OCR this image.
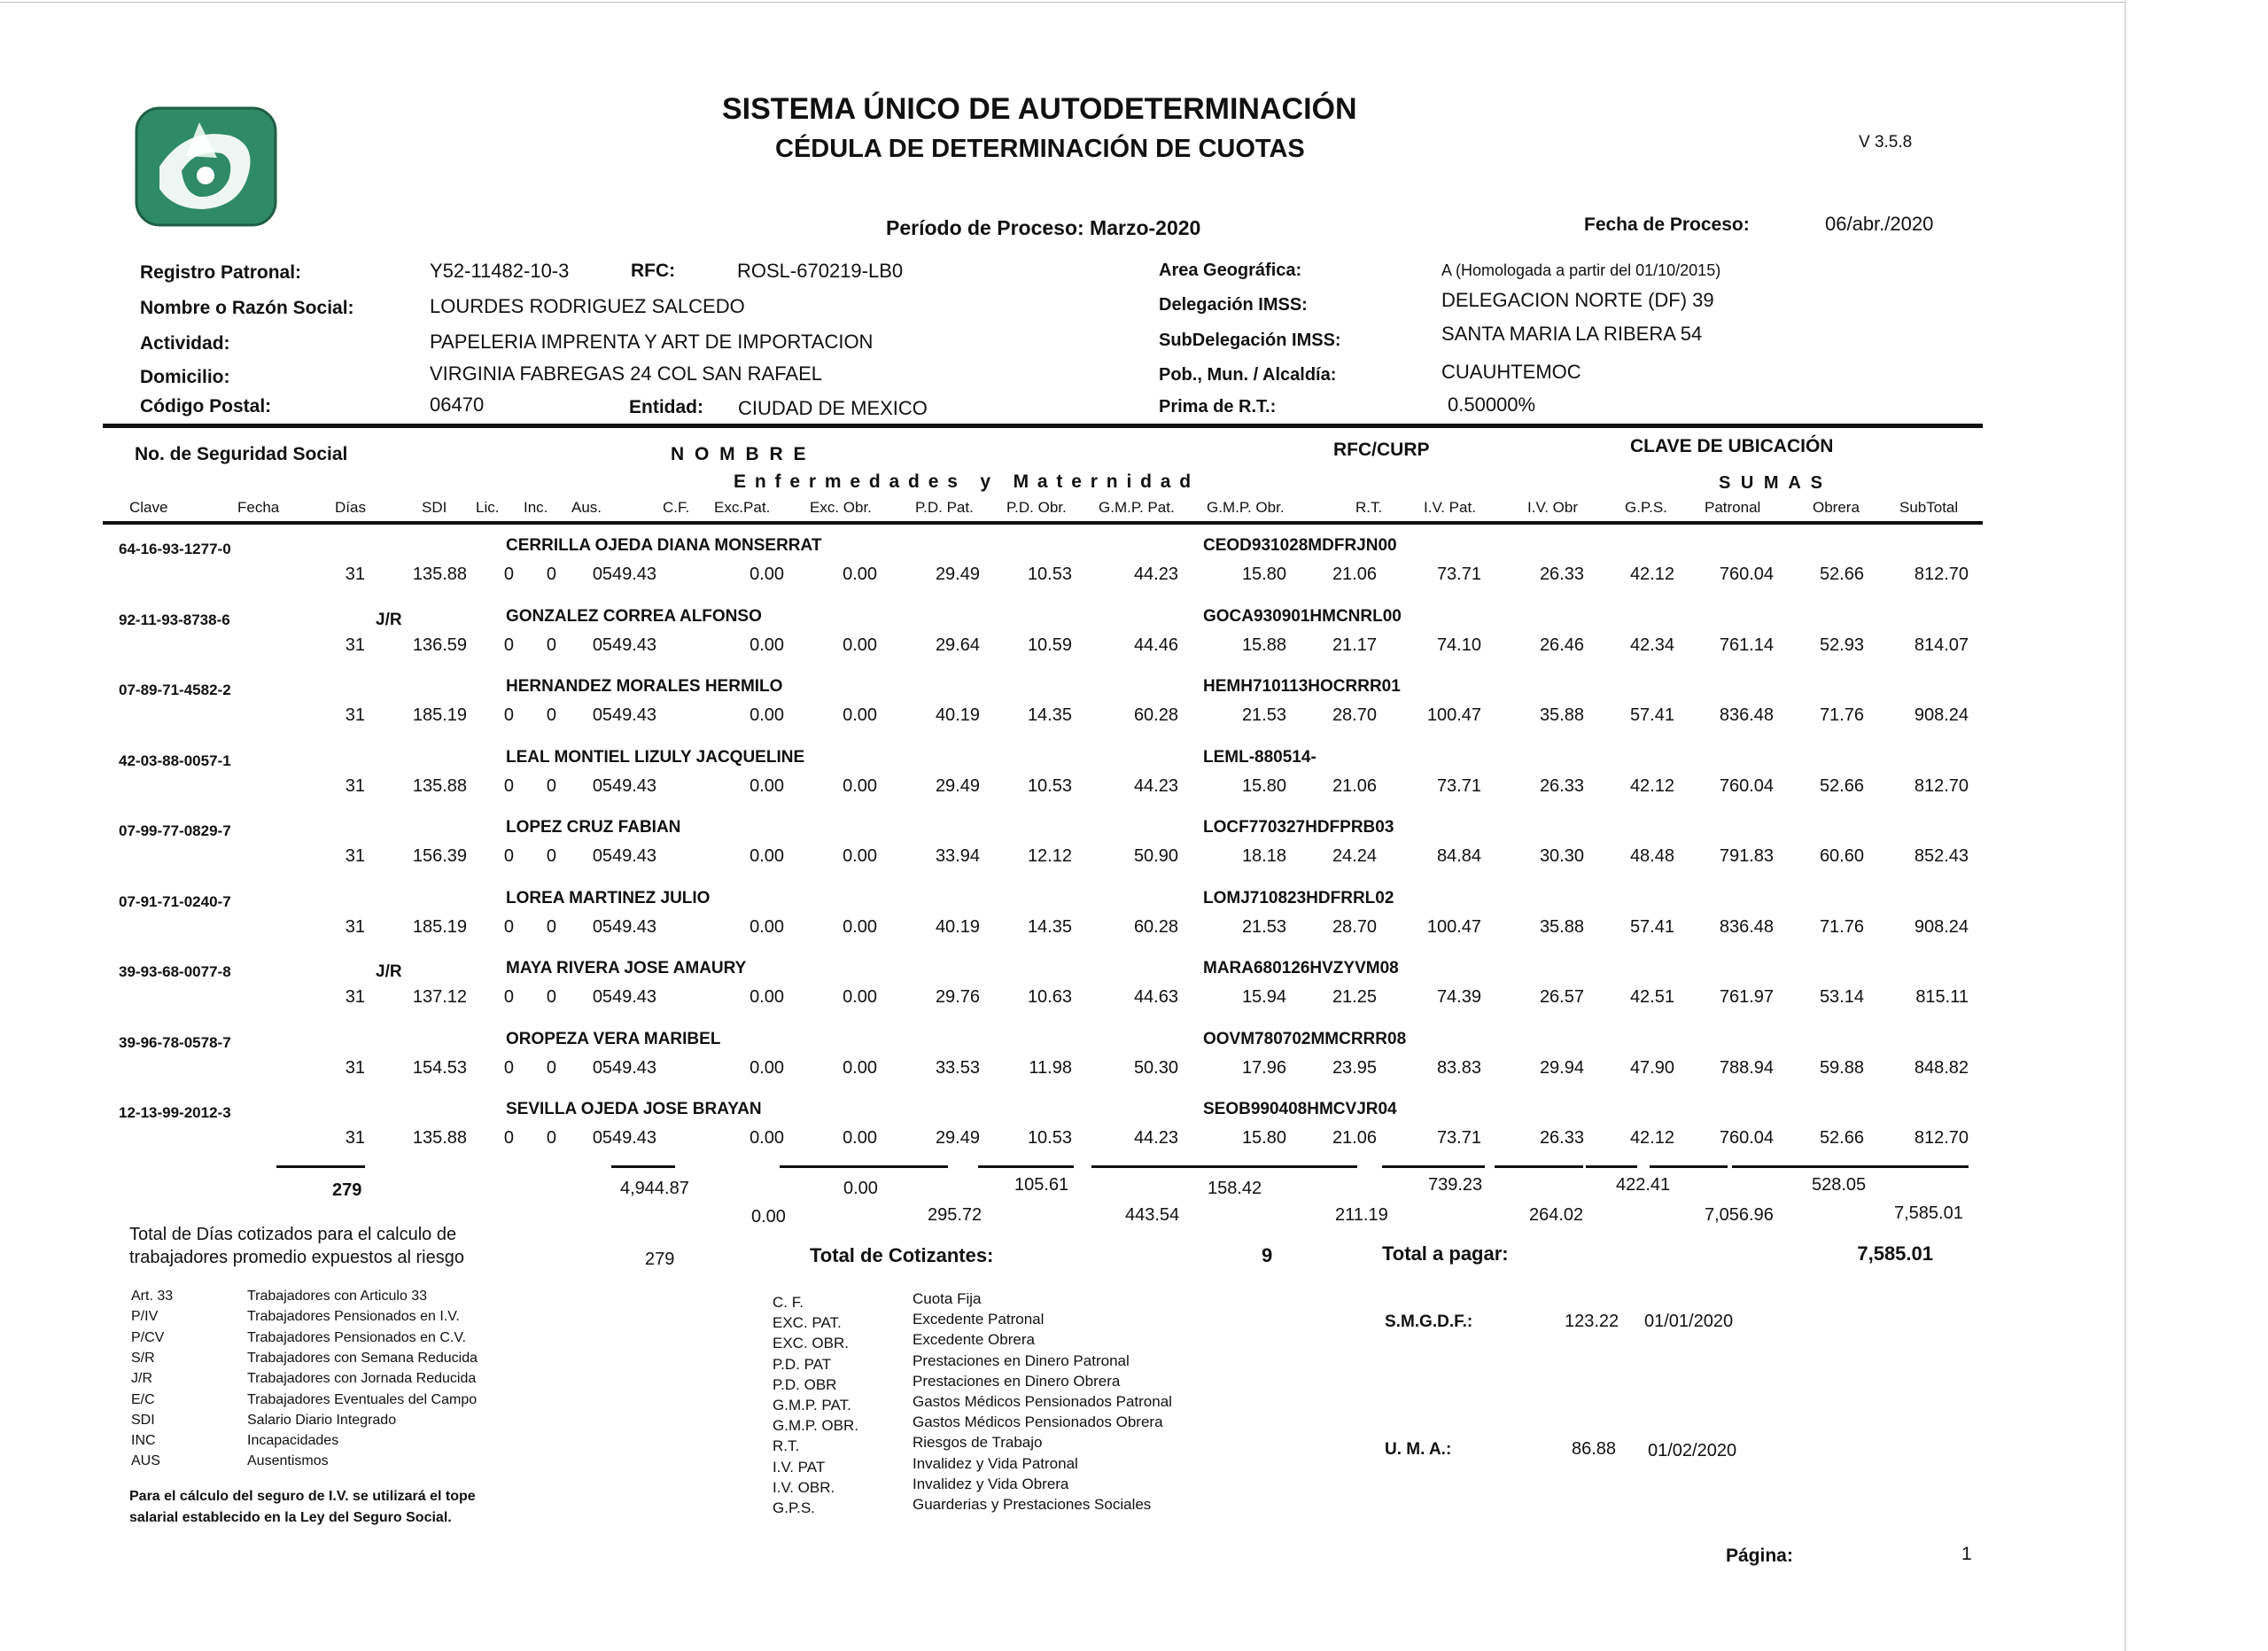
SISTEMA ÚNICO DE AUTODETERMINACIÓN
CÉDULA DE DETERMINACIÓN DE CUOTAS	V 3.5.8
Período de Proceso: Marzo-2020	Fecha de Proceso:	06/abr./2020
Registro Patronal:	Y52-11482-10-3	RFC:	ROSL-670219-LB0
Nombre o Razón Social:	LOURDES RODRIGUEZ SALCEDO
Actividad:	PAPELERIA IMPRENTA Y ART DE IMPORTACION
Domicilio:	VIRGINIA FABREGAS 24 COL SAN RAFAEL
Código Postal:	06470	Entidad: CIUDAD DE MEXICO
Area Geográfica:	A (Homologada a partir del 01/10/2015)
Delegación IMSS:	DELEGACION NORTE (DF) 39
SubDelegación IMSS:	SANTA MARIA LA RIBERA 54
Pob., Mun. / Alcaldía:	CUAUHTEMOC
Prima de R.T.:	0.50000%
No. de Seguridad Social	N O M B R E	RFC/CURP	CLAVE DE UBICACIÓN
E n f e r m e d a d e s   y   M a t e r n i d a d	S U M A S
Clave	Fecha	Días	SDI Lic. Inc. Aus.	C.F. Exc.Pat.	Exc. Obr.	P.D. Pat. P.D. Obr. G.M.P. Pat. G.M.P. Obr.	R.T.	I.V. Pat.	I.V. Obr	G.P.S. Patronal	Obrera	SubTotal
64-16-93-1277-0	CERRILLA OJEDA DIANA MONSERRAT	CEOD931028MDFRJN00
31	135.88	0	0	0 549.43	0.00	0.00	29.49	10.53	44.23	15.80	21.06	73.71	26.33	42.12	760.04	52.66	812.70
92-11-93-8738-6	J/R	GONZALEZ CORREA ALFONSO	GOCA930901HMCNRL00
31	136.59	0	0	0 549.43	0.00	0.00	29.64	10.59	44.46	15.88	21.17	74.10	26.46	42.34	761.14	52.93	814.07
07-89-71-4582-2	HERNANDEZ MORALES HERMILO	HEMH710113HOCRRR01
31	185.19	0	0	0 549.43	0.00	0.00	40.19	14.35	60.28	21.53	28.70	100.47	35.88	57.41	836.48	71.76	908.24
42-03-88-0057-1	LEAL MONTIEL LIZULY JACQUELINE	LEML-880514-
31	135.88	0	0	0 549.43	0.00	0.00	29.49	10.53	44.23	15.80	21.06	73.71	26.33	42.12	760.04	52.66	812.70
07-99-77-0829-7	LOPEZ CRUZ FABIAN	LOCF770327HDFPRB03
31	156.39	0	0	0 549.43	0.00	0.00	33.94	12.12	50.90	18.18	24.24	84.84	30.30	48.48	791.83	60.60	852.43
07-91-71-0240-7	LOREA MARTINEZ JULIO	LOMJ710823HDFRRL02
31	185.19	0	0	0 549.43	0.00	0.00	40.19	14.35	60.28	21.53	28.70	100.47	35.88	57.41	836.48	71.76	908.24
39-93-68-0077-8	J/R	MAYA RIVERA JOSE AMAURY	MARA680126HVZYVM08
31	137.12	0	0	0 549.43	0.00	0.00	29.76	10.63	44.63	15.94	21.25	74.39	26.57	42.51	761.97	53.14	815.11
39-96-78-0578-7	OROPEZA VERA MARIBEL	OOVM780702MMCRRR08
31	154.53	0	0	0 549.43	0.00	0.00	33.53	11.98	50.30	17.96	23.95	83.83	29.94	47.90	788.94	59.88	848.82
12-13-99-2012-3	SEVILLA OJEDA JOSE BRAYAN	SEOB990408HMCVJR04
31	135.88	0	0	0 549.43	0.00	0.00	29.49	10.53	44.23	15.80	21.06	73.71	26.33	42.12	760.04	52.66	812.70
279	4,944.87	0.00	105.61	158.42	739.23	422.41	528.05
0.00	295.72	443.54	211.19	264.02	7,056.96	7,585.01
Total de Días cotizados para el calculo de
trabajadores promedio expuestos al riesgo	279	Total de Cotizantes:	9	Total a pagar:	7,585.01
Art. 33	Trabajadores con Articulo 33
P/IV	Trabajadores Pensionados en I.V.
P/CV	Trabajadores Pensionados en C.V.
S/R	Trabajadores con Semana Reducida
J/R	Trabajadores con Jornada Reducida
E/C	Trabajadores Eventuales del Campo
SDI	Salario Diario Integrado
INC	Incapacidades
AUS	Ausentismos
Para el cálculo del seguro de I.V. se utilizará el tope
salarial establecido en la Ley del Seguro Social.
C. F.	Cuota Fija
EXC. PAT.	Excedente Patronal
EXC. OBR.	Excedente Obrera
P.D. PAT	Prestaciones en Dinero Patronal
P.D. OBR	Prestaciones en Dinero Obrera
G.M.P. PAT.	Gastos Médicos Pensionados Patronal
G.M.P. OBR.	Gastos Médicos Pensionados Obrera
R.T.	Riesgos de Trabajo
I.V. PAT	Invalidez y Vida Patronal
I.V. OBR.	Invalidez y Vida Obrera
G.P.S.	Guarderias y Prestaciones Sociales
S.M.G.D.F.:	123.22 01/01/2020
U. M. A.:	86.88 01/02/2020
Página:	1
